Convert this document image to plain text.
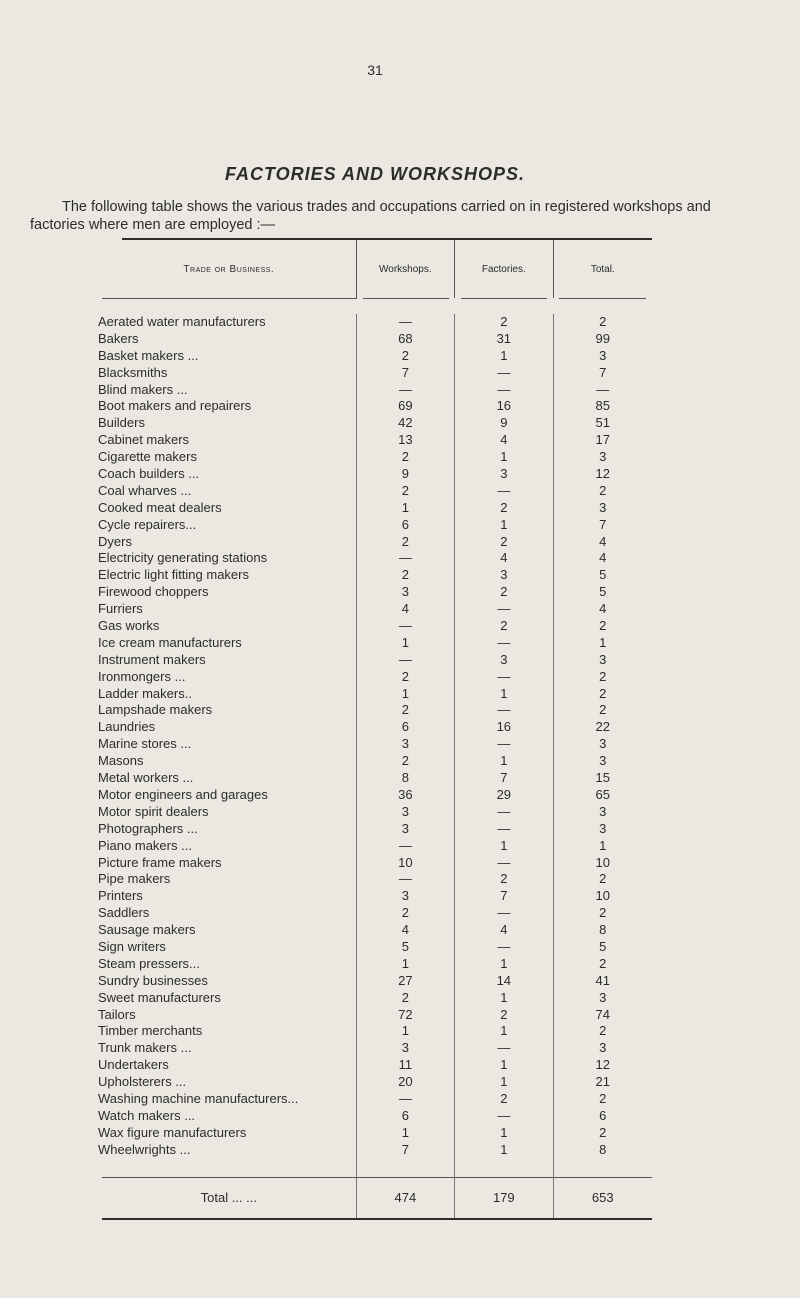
31
FACTORIES AND WORKSHOPS.
The following table shows the various trades and occupations carried on in registered workshops and factories where men are employed :—
Trade or Business.	Workshops.	Factories.	Total.
Aerated water manufacturers	—	2	2
Bakers	68	31	99
Basket makers ...	2	1	3
Blacksmiths	7	—	7
Blind makers ...	—	—	—
Boot makers and repairers	69	16	85
Builders	42	9	51
Cabinet makers	13	4	17
Cigarette makers	2	1	3
Coach builders ...	9	3	12
Coal wharves ...	2	—	2
Cooked meat dealers	1	2	3
Cycle repairers...	6	1	7
Dyers	2	2	4
Electricity generating stations	—	4	4
Electric light fitting makers	2	3	5
Firewood choppers	3	2	5
Furriers	4	—	4
Gas works	—	2	2
Ice cream manufacturers	1	—	1
Instrument makers	—	3	3
Ironmongers ...	2	—	2
Ladder makers..	1	1	2
Lampshade makers	2	—	2
Laundries	6	16	22
Marine stores ...	3	—	3
Masons	2	1	3
Metal workers ...	8	7	15
Motor engineers and garages	36	29	65
Motor spirit dealers	3	—	3
Photographers ...	3	—	3
Piano makers ...	—	1	1
Picture frame makers	10	—	10
Pipe makers	—	2	2
Printers	3	7	10
Saddlers	2	—	2
Sausage makers	4	4	8
Sign writers	5	—	5
Steam pressers...	1	1	2
Sundry businesses	27	14	41
Sweet manufacturers	2	1	3
Tailors	72	2	74
Timber merchants	1	1	2
Trunk makers ...	3	—	3
Undertakers	11	1	12
Upholsterers ...	20	1	21
Washing machine manufacturers...	—	2	2
Watch makers ...	6	—	6
Wax figure manufacturers	1	1	2
Wheelwrights ...	7	1	8
Total ... ...	474	179	653
